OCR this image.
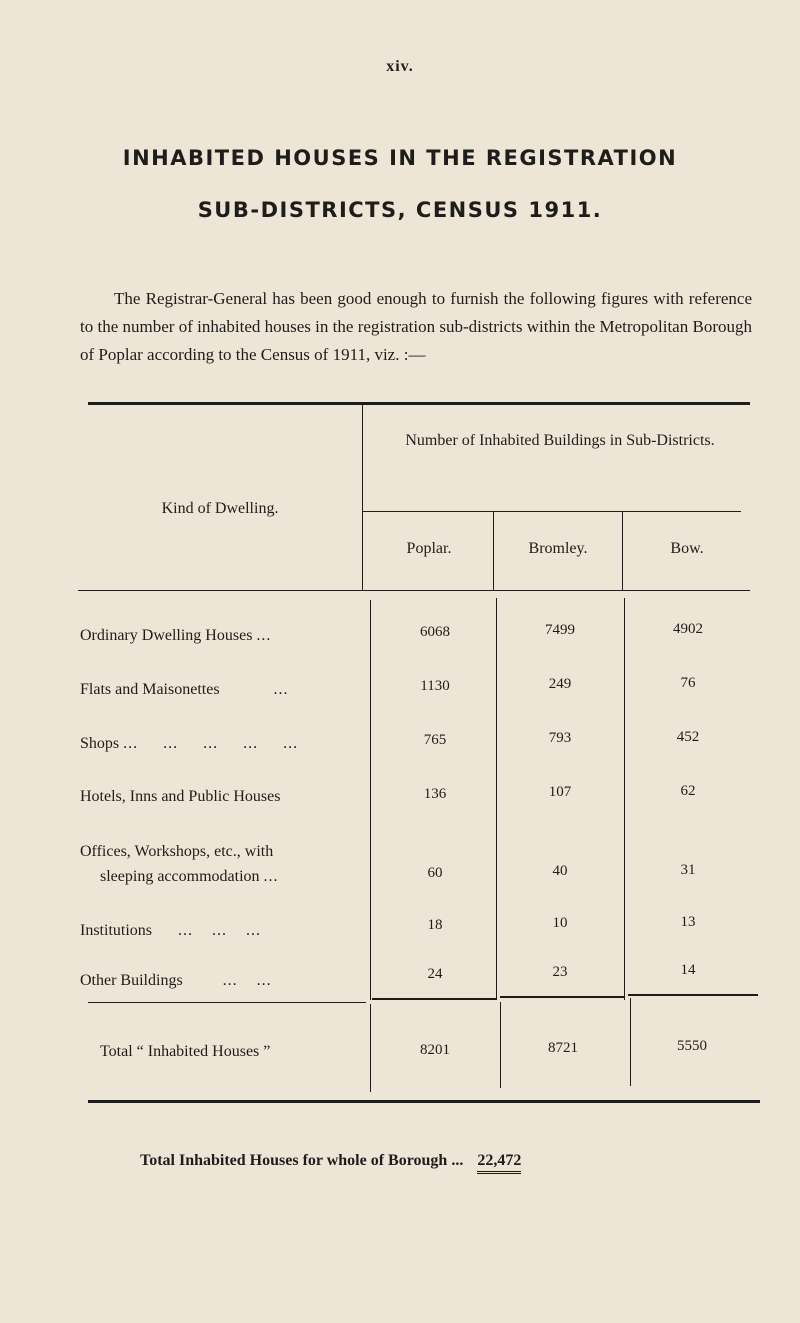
xiv.
INHABITED HOUSES IN THE REGISTRATION
SUB-DISTRICTS, CENSUS 1911.

The Registrar-General has been good enough to furnish the following figures with reference to the number of inhabited houses in the registration sub-districts within the Metropolitan Borough of Poplar according to the Census of 1911, viz. :—

Number of Inhabited Buildings in Sub-Districts.
Kind of Dwelling.
Poplar.	Bromley.	Bow.
Ordinary Dwelling Houses ...	6068	7499	4902
Flats and Maisonettes	...	1130	249	76
Shops ... ... ... ... ...	765	793	452
Hotels, Inns and Public Houses	136	107	62
Offices, Workshops, etc., with
sleeping accommodation ...	60	40	31
Institutions ... ... ...	18	10	13
Other Buildings	... ...	24	23	14
Total “ Inhabited Houses ”	8201	8721	5550
Total Inhabited Houses for whole of Borough ... 22,472
